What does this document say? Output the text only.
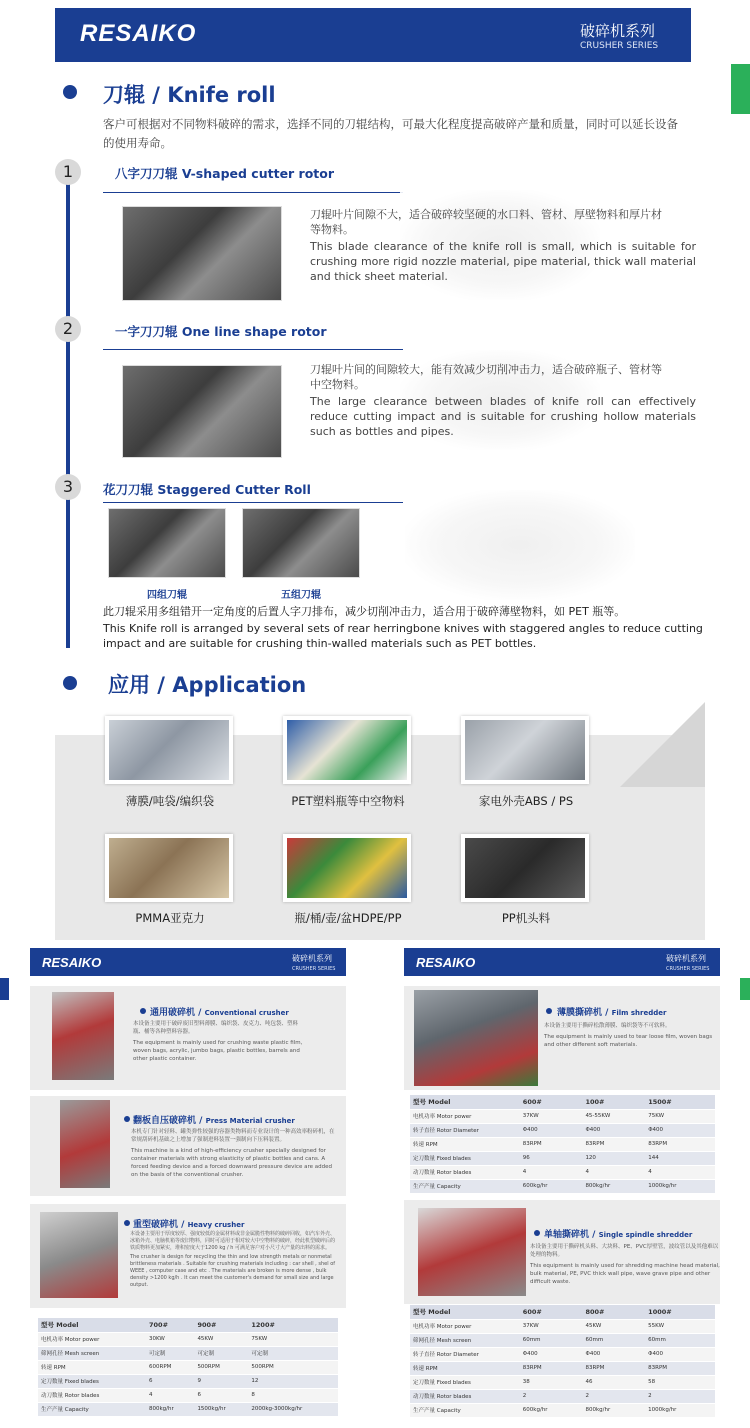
RESAIKO	破碎机系列
CRUSHER SERIES
刀辊 / Knife roll
客户可根据对不同物料破碎的需求，选择不同的刀辊结构，可最大化程度提高破碎产量和质量，同时可以延长设备
的使用寿命。
1	八字刀刀辊 V-shaped cutter rotor
刀辊叶片间隙不大，适合破碎较坚硬的水口料、管材、厚壁物料和厚片材
等物料。
This blade clearance of the knife roll is small, which is suitable for crushing more rigid nozzle material, pipe material, thick wall material and thick sheet material.
2	一字刀刀辊 One line shape rotor
刀辊叶片间的间隙较大，能有效减少切削冲击力，适合破碎瓶子、管材等
中空物料。
The large clearance between blades of knife roll can effectively reduce cutting impact and is suitable for crushing hollow materials such as bottles and pipes.
3	花刀刀辊 Staggered Cutter Roll
四组刀辊	五组刀辊
此刀辊采用多组错开一定角度的后置人字刀排布，减少切削冲击力，适合用于破碎薄壁物料，如 PET 瓶等。
This Knife roll is arranged by several sets of rear herringbone knives with staggered angles to reduce cutting impact and are suitable for crushing thin-walled materials such as PET bottles.
应用 / Application
薄膜/吨袋/编织袋	PET塑料瓶等中空物料	家电外壳ABS / PS
PMMA亚克力	瓶/桶/壶/盆HDPE/PP	PP机头料
RESAIKO	破碎机系列
CRUSHER SERIES
通用破碎机 / Conventional crusher
本设备主要用于破碎废旧塑料薄膜、编织袋、皮克力、吨包袋、塑料瓶、桶等各种塑料容器。
The equipment is mainly used for crushing waste plastic film, woven bags, acrylic, jumbo bags, plastic bottles, barrels and other plastic container.
翻板自压破碎机 / Press Material crusher
本机专门针对轻料、罐类弹性较强的容器类物料而专业设计的一种高效率粉碎机，在常规刮碎机基础之上增加了强制进料装置一强制向下压料装置。
This machine is a kind of high-efficiency crusher specially designed for container materials with strong elasticity of plastic bottles and cans. A forced feeding device and a forced downward pressure device are added on the basis of the conventional crusher.
重型破碎机 / Heavy crusher
本设备主要用于厚度较厚、强度较低的金属材料或非金属脆性物料的破碎回收，如汽车外壳、冰箱外壳、电脑机箱等废旧物料，同时可适用于相对较大中空物料的破碎，经此机型破碎后的铁质物料更加紧实，堆积密度大于1200 kg / h 可满足客户对小尺寸大产量的出料的需求。
The crusher is design for recycling the thin and low strength metals or nonmetal brittleness materials . Suitable for crushing materials including : car shell , shel of WEEE , computer case and etc . The materials are broken is more dense , bulk density >1200 kg/h . It can meet the customer's demand for small size and large output.
型号 Model	700#	900#	1200#
电机功率 Motor power	30KW	45KW	75KW
筛网孔径 Mesh screen	可定制	可定制	可定制
转速 RPM	600RPM	500RPM	500RPM
定刀数量 Fixed blades	6	9	12
动刀数量 Rotor blades	4	6	8
生产产量 Capacity	800kg/hr	1500kg/hr	2000kg-3000kg/hr
RESAIKO	破碎机系列
CRUSHER SERIES
薄膜撕碎机 / Film shredder
本设备主要用于撕碎松散薄膜、编织袋等不可软料。
The equipment is mainly used to tear loose film, woven bags and other different soft materials.
型号 Model	600#	100#	1500#
电机功率 Motor power	37KW	45-55KW	75KW
转子直径 Rotor Diameter	Φ400	Φ400	Φ400
转速 RPM	83RPM	83RPM	83RPM
定刀数量 Fixed blades	96	120	144
动刀数量 Rotor blades	4	4	4
生产产量 Capacity	600kg/hr	800kg/hr	1000kg/hr
单轴撕碎机 / Single spindle shredder
本设备主要用于撕碎机头料、大块料、PE、PVC厚壁管，波纹管以及其他难以处理的物料。
This equipment is mainly used for shredding machine head material, bulk material, PE, PVC thick wall pipe, wave grave pipe and other difficult waste.
型号 Model	600#	800#	1000#
电机功率 Motor power	37KW	45KW	55KW
筛网孔径 Mesh screen	60mm	60mm	60mm
转子直径 Rotor Diameter	Φ400	Φ400	Φ400
转速 RPM	83RPM	83RPM	83RPM
定刀数量 Fixed blades	38	46	58
动刀数量 Rotor blades	2	2	2
生产产量 Capacity	600kg/hr	800kg/hr	1000kg/hr
